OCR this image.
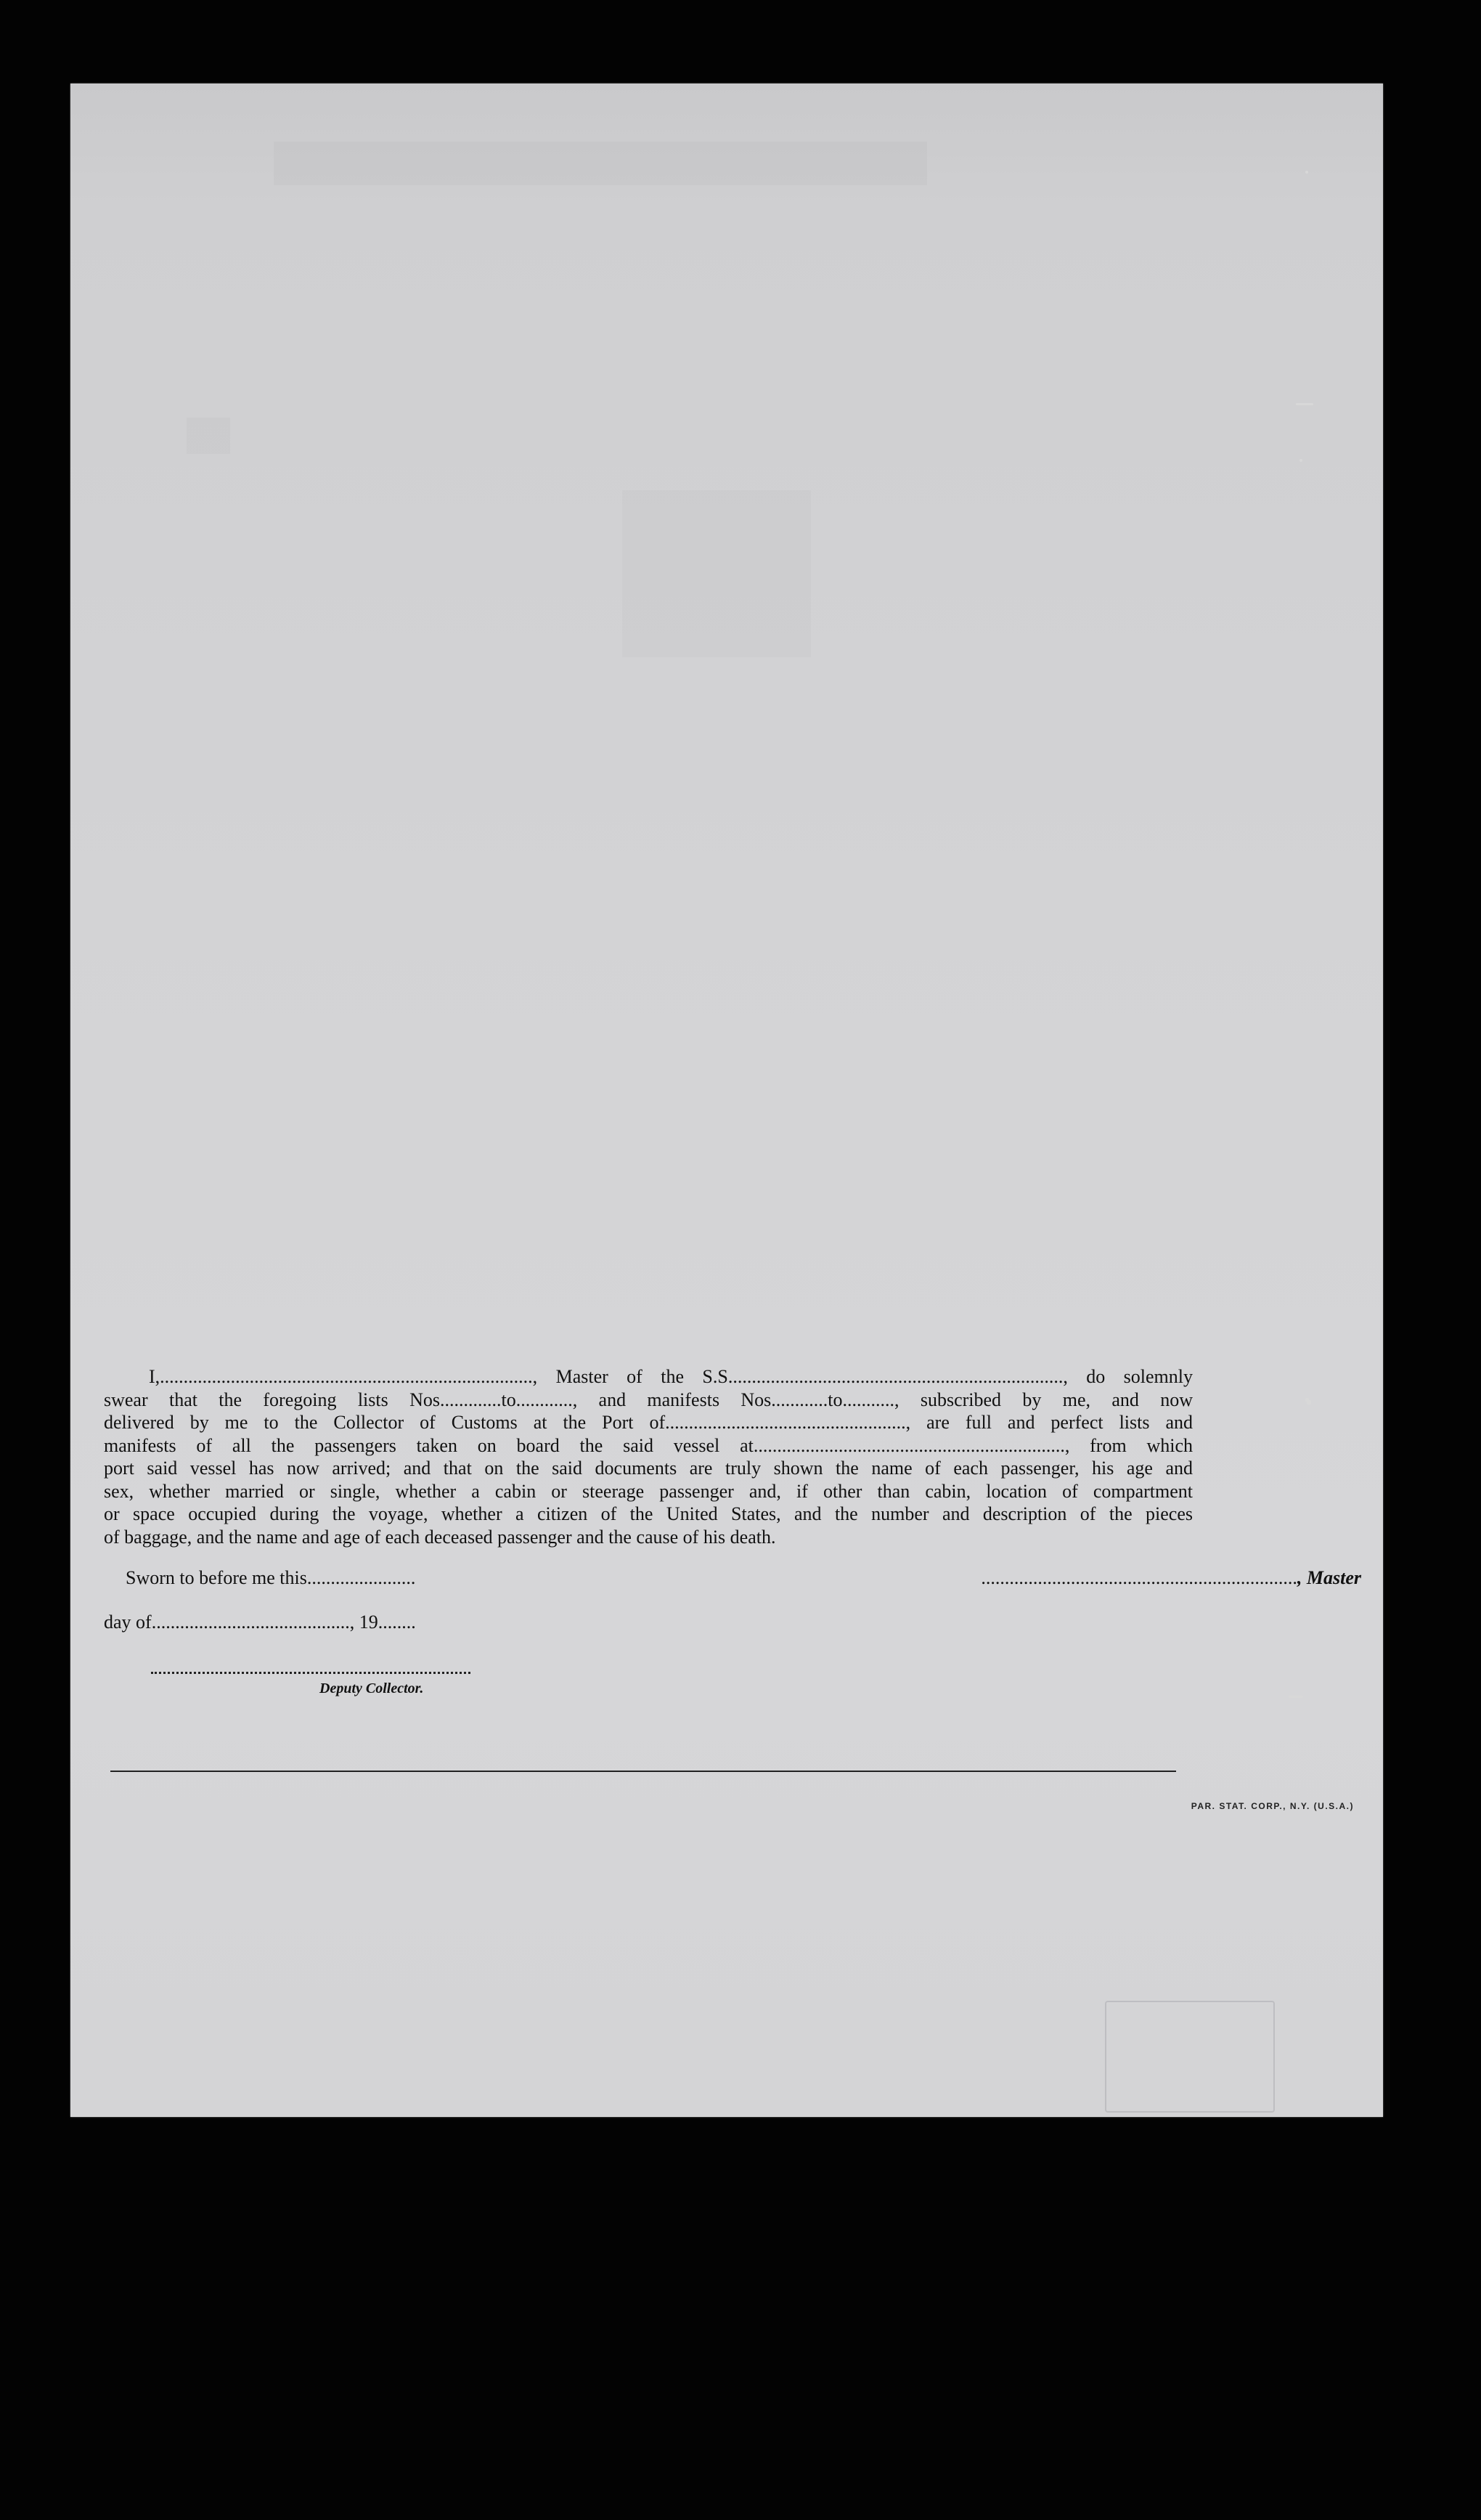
I,..............................................................................., Master of the S.S......................................................................., do solemnly
swear that the foregoing lists Nos.............to............, and manifests Nos............to..........., subscribed by me, and now
delivered by me to the Collector of Customs at the Port of..................................................., are full and perfect lists and
manifests of all the passengers taken on board the said vessel at.................................................................., from which
port said vessel has now arrived; and that on the said documents are truly shown the name of each passenger, his age and
sex, whether married or single, whether a cabin or steerage passenger and, if other than cabin, location of compartment
or space occupied during the voyage, whether a citizen of the United States, and the number and description of the pieces
of baggage, and the name and age of each deceased passenger and the cause of his death.
Sworn to before me this.......................	..................................................................., Master
day of.........................................., 19........
Deputy Collector.
PAR. STAT. CORP., N.Y. (U.S.A.)
